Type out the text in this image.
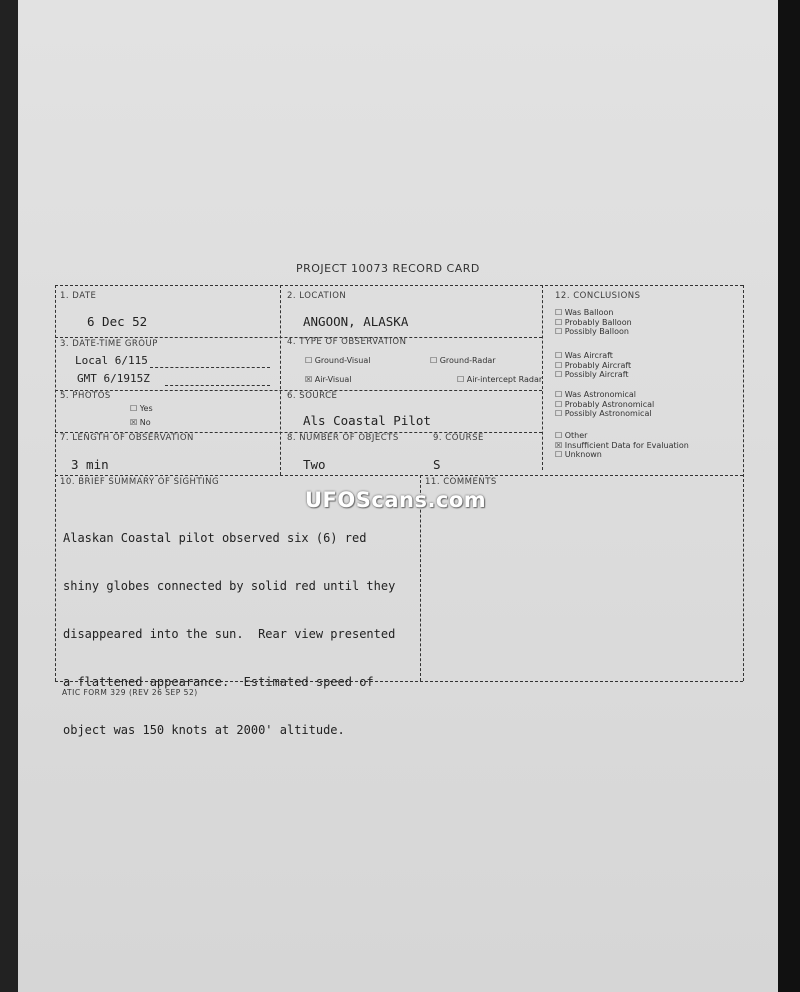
PROJECT 10073 RECORD CARD
1. DATE
6 Dec 52
2. LOCATION
ANGOON, ALASKA
3. DATE-TIME GROUP
Local 6/115
GMT 6/1915Z
4. TYPE OF OBSERVATION
☐ Ground-Visual	☐ Ground-Radar
☒ Air-Visual	☐ Air-intercept Radar
5. PHOTOS
☐ Yes
☒ No
6. SOURCE
Als Coastal Pilot
7. LENGTH OF OBSERVATION
3 min
8. NUMBER OF OBJECTS
Two
9. COURSE
S
10. BRIEF SUMMARY OF SIGHTING

Alaskan Coastal pilot observed six (6) red

shiny globes connected by solid red until they

disappeared into the sun.  Rear view presented

a flattened appearance.  Estimated speed of

object was 150 knots at 2000' altitude.

11. COMMENTS
12. CONCLUSIONS
☐ Was Balloon
☐ Probably Balloon
☐ Possibly Balloon
☐ Was Aircraft
☐ Probably Aircraft
☐ Possibly Aircraft
☐ Was Astronomical
☐ Probably Astronomical
☐ Possibly Astronomical
☐ Other
☒ Insufficient Data for Evaluation
☐ Unknown
UFOScans.com
ATIC FORM 329 (REV 26 SEP 52)
